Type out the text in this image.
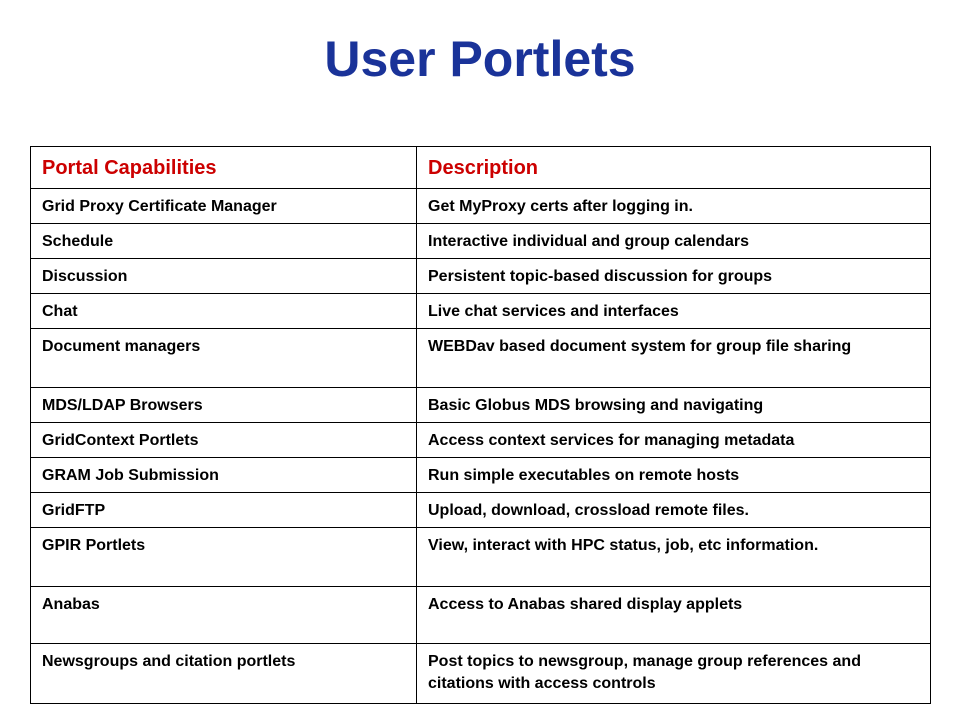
User Portlets
Portal Capabilities	Description
Grid Proxy Certificate Manager	Get MyProxy certs after logging in.
Schedule	Interactive individual and group calendars
Discussion	Persistent topic-based discussion for groups
Chat	Live chat services and interfaces
Document managers	WEBDav based document system for group file sharing
MDS/LDAP Browsers	Basic Globus MDS browsing and navigating
GridContext Portlets	Access context services for managing metadata
GRAM Job Submission	Run simple executables on remote hosts
GridFTP	Upload, download, crossload remote files.
GPIR Portlets	View, interact with HPC status, job, etc information.
Anabas	Access to Anabas shared display applets
Newsgroups and citation portlets	Post topics to newsgroup, manage group references and citations with access controls
